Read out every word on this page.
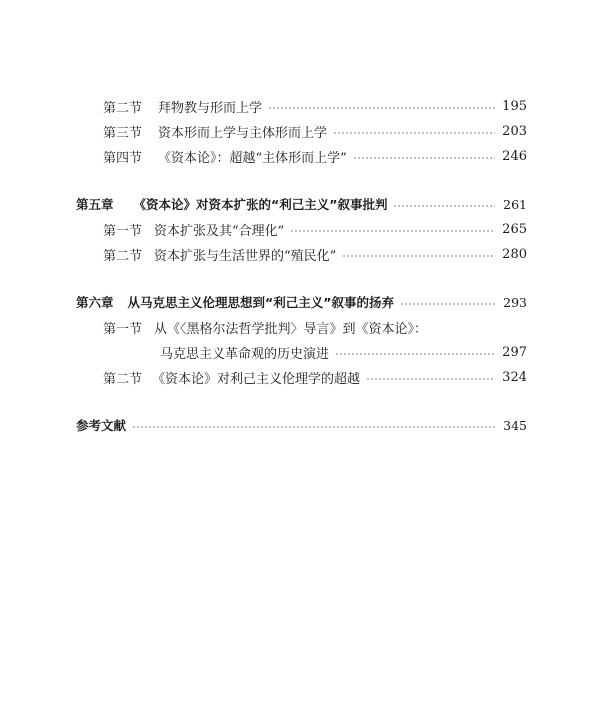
第二节 拜物教与形而上学	195
第三节 资本形而上学与主体形而上学	203
第四节 《资本论》：超越“主体形而上学”	246
第五章 《资本论》对资本扩张的“利己主义”叙事批判	261
第一节 资本扩张及其“合理化”	265
第二节 资本扩张与生活世界的“殖民化”	280
第六章 从马克思主义伦理思想到“利己主义”叙事的扬弃	293
第一节 从《〈黑格尔法哲学批判〉导言》到《资本论》：
马克思主义革命观的历史演进	297
第二节 《资本论》对利己主义伦理学的超越	324
参考文献	345
